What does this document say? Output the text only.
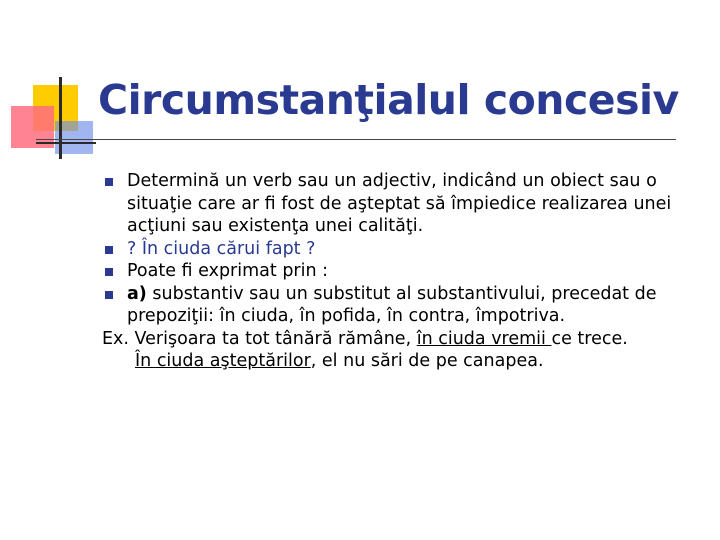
Circumstanţialul concesiv
Determină un verb sau un adjectiv, indicând un obiect sau o situaţie care ar fi fost de aşteptat să împiedice realizarea unei acţiuni sau existenţa unei calităţi.
? În ciuda cărui fapt ?
Poate fi exprimat prin :
a) substantiv sau un substitut al substantivului, precedat de
prepoziţii: în ciuda, în pofida, în contra, împotriva.
Ex. Verişoara ta tot tânără rămâne, în ciuda vremii ce trece.
În ciuda aşteptărilor, el nu sări de pe canapea.
